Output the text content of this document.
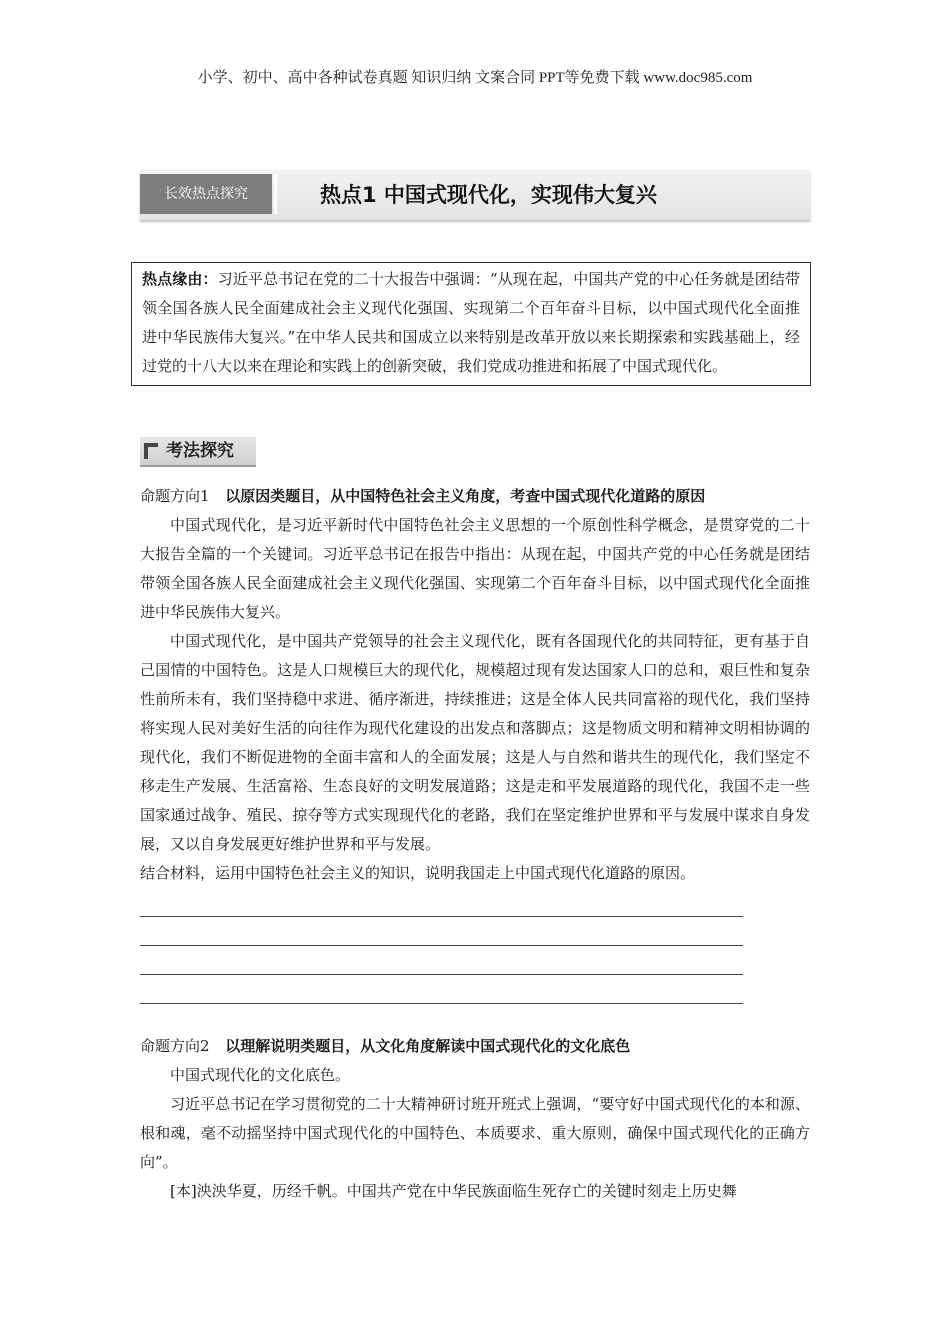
小学、初中、高中各种试卷真题 知识归纳 文案合同 PPT等免费下载 www.doc985.com
长效热点探究	热点1 中国式现代化，实现伟大复兴
热点缘由：习近平总书记在党的二十大报告中强调：“从现在起，中国共产党的中心任务就是团结带领全国各族人民全面建成社会主义现代化强国、实现第二个百年奋斗目标，以中国式现代化全面推进中华民族伟大复兴。”在中华人民共和国成立以来特别是改革开放以来长期探索和实践基础上，经过党的十八大以来在理论和实践上的创新突破，我们党成功推进和拓展了中国式现代化。
考法探究

命题方向1 以原因类题目，从中国特色社会主义角度，考查中国式现代化道路的原因

中国式现代化，是习近平新时代中国特色社会主义思想的一个原创性科学概念，是贯穿党的二十大报告全篇的一个关键词。习近平总书记在报告中指出：从现在起，中国共产党的中心任务就是团结带领全国各族人民全面建成社会主义现代化强国、实现第二个百年奋斗目标，以中国式现代化全面推进中华民族伟大复兴。

中国式现代化，是中国共产党领导的社会主义现代化，既有各国现代化的共同特征，更有基于自己国情的中国特色。这是人口规模巨大的现代化，规模超过现有发达国家人口的总和，艰巨性和复杂性前所未有，我们坚持稳中求进、循序渐进，持续推进；这是全体人民共同富裕的现代化，我们坚持将实现人民对美好生活的向往作为现代化建设的出发点和落脚点；这是物质文明和精神文明相协调的现代化，我们不断促进物的全面丰富和人的全面发展；这是人与自然和谐共生的现代化，我们坚定不移走生产发展、生活富裕、生态良好的文明发展道路；这是走和平发展道路的现代化，我国不走一些国家通过战争、殖民、掠夺等方式实现现代化的老路，我们在坚定维护世界和平与发展中谋求自身发展，又以自身发展更好维护世界和平与发展。

结合材料，运用中国特色社会主义的知识，说明我国走上中国式现代化道路的原因。

命题方向2 以理解说明类题目，从文化角度解读中国式现代化的文化底色

中国式现代化的文化底色。

习近平总书记在学习贯彻党的二十大精神研讨班开班式上强调，“要守好中国式现代化的本和源、根和魂，毫不动摇坚持中国式现代化的中国特色、本质要求、重大原则，确保中国式现代化的正确方向”。

[本]泱泱华夏，历经千帆。中国共产党在中华民族面临生死存亡的关键时刻走上历史舞
